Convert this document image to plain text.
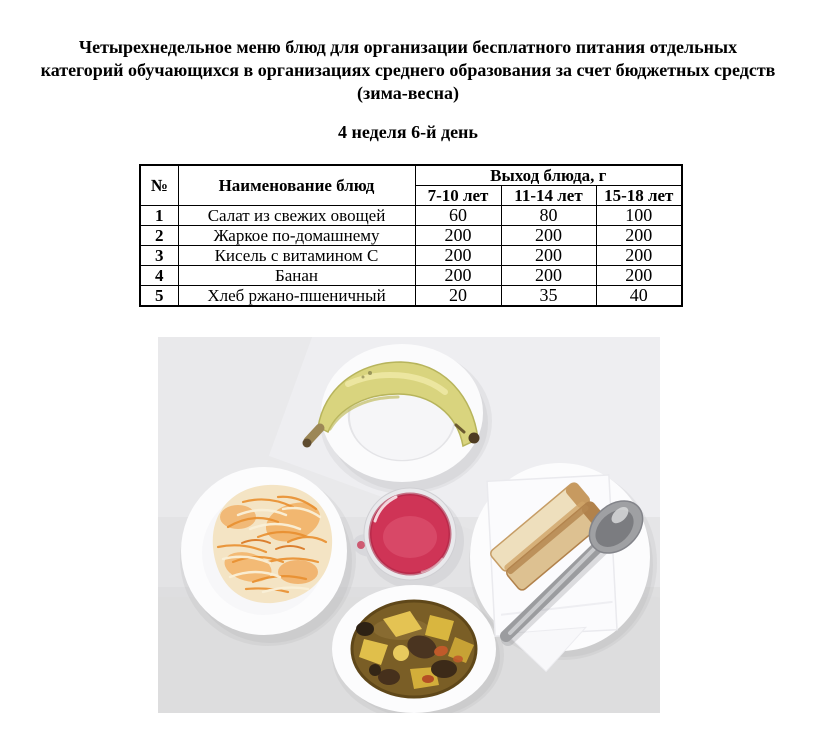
Четырехнедельное меню блюд для организации бесплатного питания отдельных
категорий обучающихся в организациях среднего образования за счет бюджетных средств
(зима-весна)
4 неделя 6-й день
№	Наименование блюд	Выход блюда, г		
		7-10 лет	11-14 лет	15-18 лет
1	Салат из свежих овощей	60	80	100
2	Жаркое по-домашнему	200	200	200
3	Кисель с витамином С	200	200	200
4	Банан	200	200	200
5	Хлеб ржано-пшеничный	20	35	40
